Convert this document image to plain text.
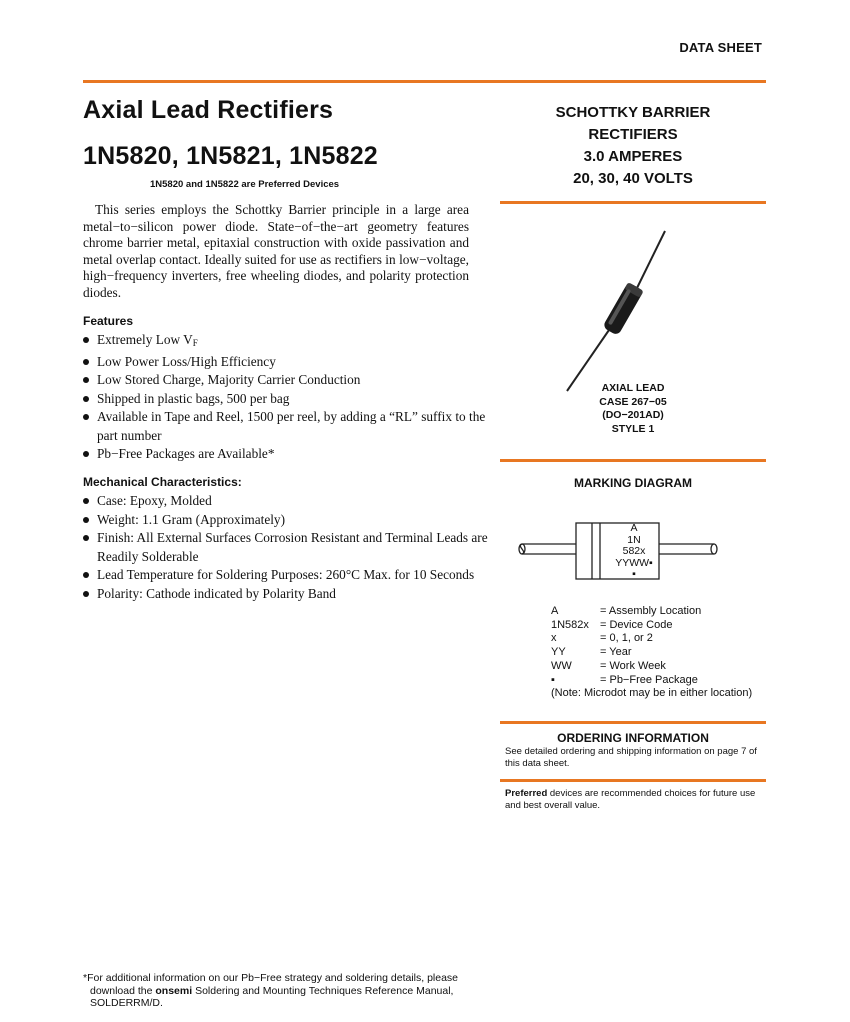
DATA SHEET
Axial Lead Rectifiers
1N5820, 1N5821, 1N5822
1N5820 and 1N5822 are Preferred Devices

This series employs the Schottky Barrier principle in a large area metal−to−silicon power diode. State−of−the−art geometry features chrome barrier metal, epitaxial construction with oxide passivation and metal overlap contact. Ideally suited for use as rectifiers in low−voltage, high−frequency inverters, free wheeling diodes, and polarity protection diodes.

Features
Extremely Low $V_F$
Low Power Loss/High Efficiency
Low Stored Charge, Majority Carrier Conduction
Shipped in plastic bags, 500 per bag
Available in Tape and Reel, 1500 per reel, by adding a “RL” suffix to the part number
Pb−Free Packages are Available*
Mechanical Characteristics:
Case: Epoxy, Molded
Weight: 1.1 Gram (Approximately)
Finish: All External Surfaces Corrosion Resistant and Terminal Leads are Readily Solderable
Lead Temperature for Soldering Purposes: 260°C Max. for 10 Seconds
Polarity: Cathode indicated by Polarity Band
SCHOTTKY BARRIER
RECTIFIERS
3.0 AMPERES
20, 30, 40 VOLTS
AXIAL LEAD
CASE 267−05
(DO−201AD)
STYLE 1
MARKING DIAGRAM
A
1N
582x
YYWW▪
▪
A	= Assembly Location
1N582x = Device Code
x	= 0, 1, or 2
YY	= Year
WW	= Work Week
▪	= Pb−Free Package
(Note: Microdot may be in either location)
ORDERING INFORMATION
See detailed ordering and shipping information on page 7 of this data sheet.
Preferred devices are recommended choices for future use and best overall value.
*For additional information on our Pb−Free strategy and soldering details, please
download the onsemi Soldering and Mounting Techniques Reference Manual,
SOLDERRM/D.
